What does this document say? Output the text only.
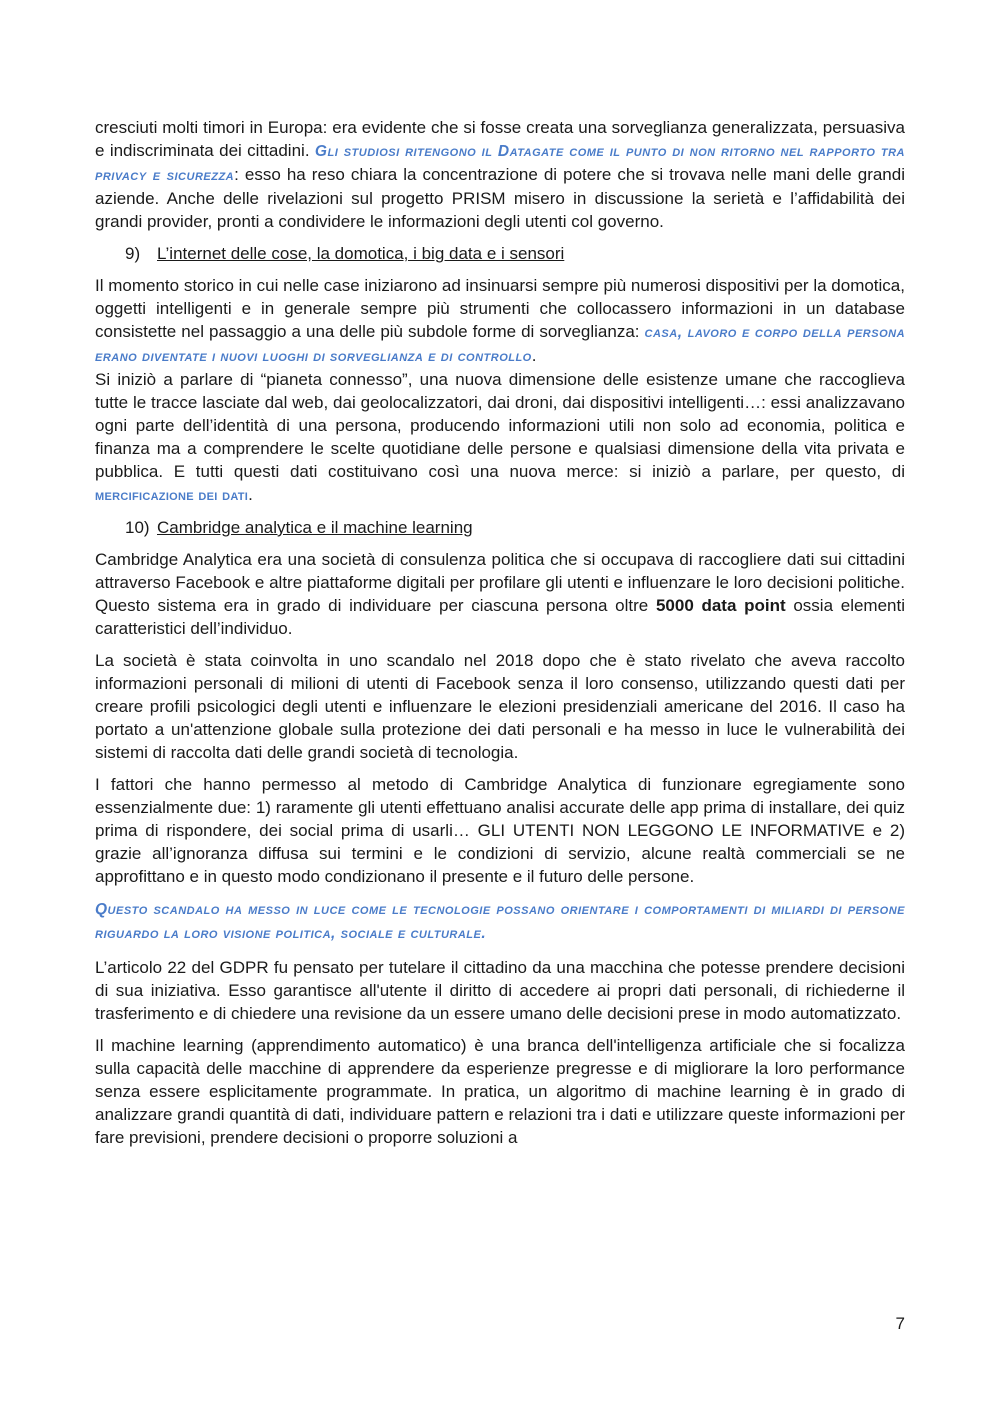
cresciuti molti timori in Europa: era evidente che si fosse creata una sorveglianza generalizzata, persuasiva e indiscriminata dei cittadini. Gli studiosi ritengono il Datagate come il punto di non ritorno nel rapporto tra privacy e sicurezza: esso ha reso chiara la concentrazione di potere che si trovava nelle mani delle grandi aziende. Anche delle rivelazioni sul progetto PRISM misero in discussione la serietà e l’affidabilità dei grandi provider, pronti a condividere le informazioni degli utenti col governo.

9) L’internet delle cose, la domotica, i big data e i sensori

Il momento storico in cui nelle case iniziarono ad insinuarsi sempre più numerosi dispositivi per la domotica, oggetti intelligenti e in generale sempre più strumenti che collocassero informazioni in un database consistette nel passaggio a una delle più subdole forme di sorveglianza: casa, lavoro e corpo della persona erano diventate i nuovi luoghi di sorveglianza e di controllo.

Si iniziò a parlare di “pianeta connesso”, una nuova dimensione delle esistenze umane che raccoglieva tutte le tracce lasciate dal web, dai geolocalizzatori, dai droni, dai dispositivi intelligenti…: essi analizzavano ogni parte dell’identità di una persona, producendo informazioni utili non solo ad economia, politica e finanza ma a comprendere le scelte quotidiane delle persone e qualsiasi dimensione della vita privata e pubblica. E tutti questi dati costituivano così una nuova merce: si iniziò a parlare, per questo, di mercificazione dei dati.

10) Cambridge analytica e il machine learning

Cambridge Analytica era una società di consulenza politica che si occupava di raccogliere dati sui cittadini attraverso Facebook e altre piattaforme digitali per profilare gli utenti e influenzare le loro decisioni politiche. Questo sistema era in grado di individuare per ciascuna persona oltre 5000 data point ossia elementi caratteristici dell’individuo.

La società è stata coinvolta in uno scandalo nel 2018 dopo che è stato rivelato che aveva raccolto informazioni personali di milioni di utenti di Facebook senza il loro consenso, utilizzando questi dati per creare profili psicologici degli utenti e influenzare le elezioni presidenziali americane del 2016. Il caso ha portato a un'attenzione globale sulla protezione dei dati personali e ha messo in luce le vulnerabilità dei sistemi di raccolta dati delle grandi società di tecnologia.

I fattori che hanno permesso al metodo di Cambridge Analytica di funzionare egregiamente sono essenzialmente due: 1) raramente gli utenti effettuano analisi accurate delle app prima di installare, dei quiz prima di rispondere, dei social prima di usarli… GLI UTENTI NON LEGGONO LE INFORMATIVE e 2) grazie all’ignoranza diffusa sui termini e le condizioni di servizio, alcune realtà commerciali se ne approfittano e in questo modo condizionano il presente e il futuro delle persone.

Questo scandalo ha messo in luce come le tecnologie possano orientare i comportamenti di miliardi di persone riguardo la loro visione politica, sociale e culturale.

L’articolo 22 del GDPR fu pensato per tutelare il cittadino da una macchina che potesse prendere decisioni di sua iniziativa. Esso garantisce all'utente il diritto di accedere ai propri dati personali, di richiederne il trasferimento e di chiedere una revisione da un essere umano delle decisioni prese in modo automatizzato.

Il machine learning (apprendimento automatico) è una branca dell'intelligenza artificiale che si focalizza sulla capacità delle macchine di apprendere da esperienze pregresse e di migliorare la loro performance senza essere esplicitamente programmate. In pratica, un algoritmo di machine learning è in grado di analizzare grandi quantità di dati, individuare pattern e relazioni tra i dati e utilizzare queste informazioni per fare previsioni, prendere decisioni o proporre soluzioni a

7
